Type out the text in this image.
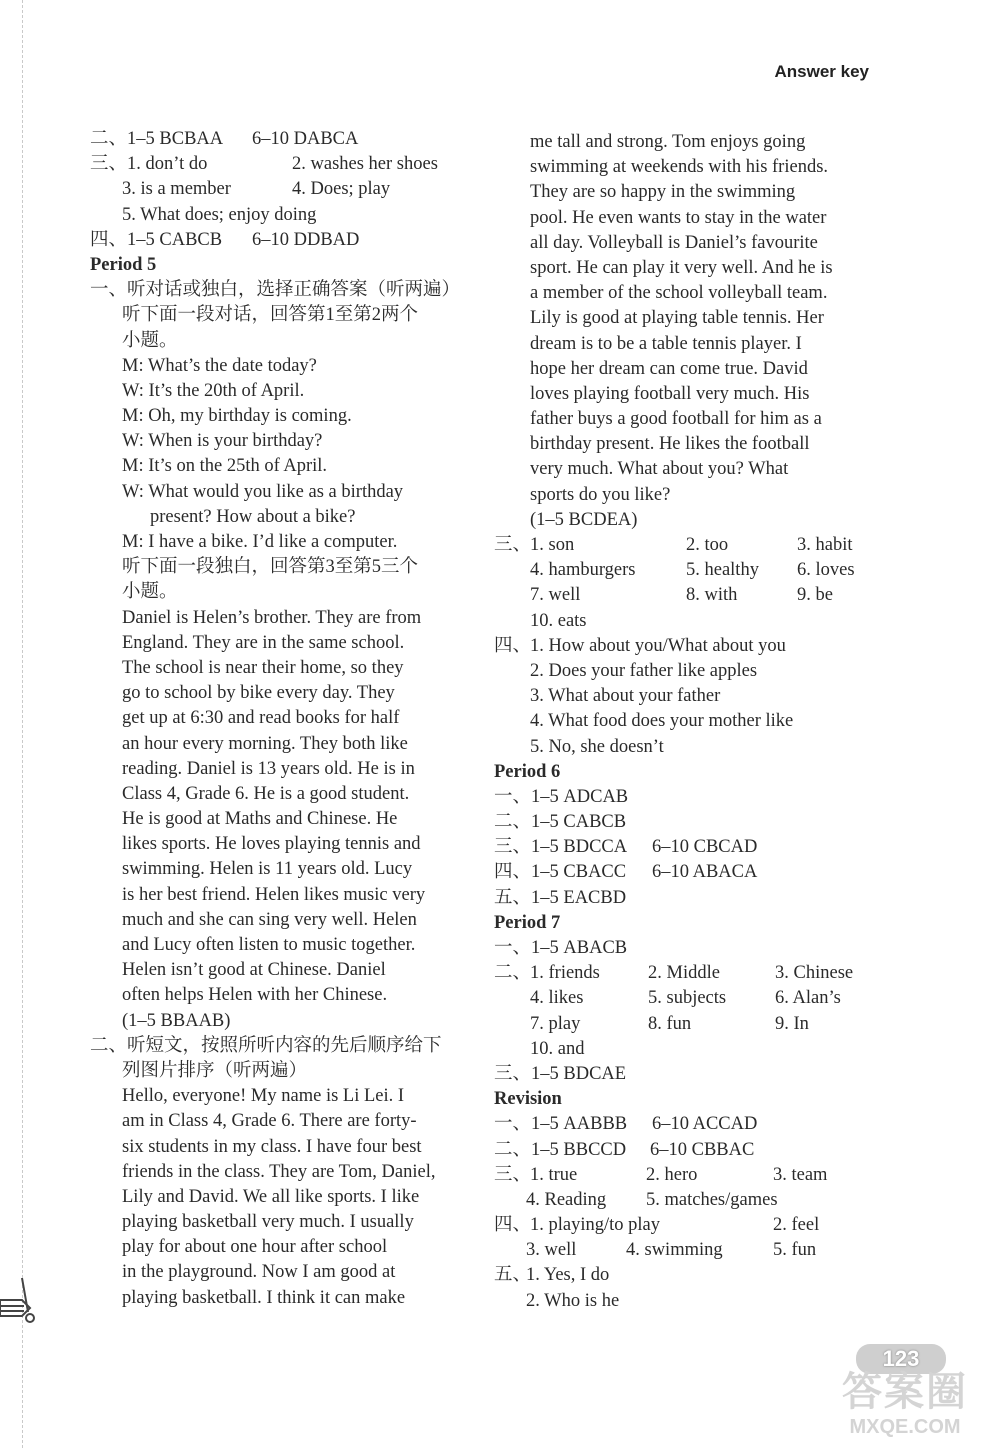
Answer key
二、1–5 BCBAA 6–10 DABCA
三、1. don’t do	2. washes her shoes
3. is a member	4. Does; play
5. What does; enjoy doing
四、1–5 CABCB 6–10 DDBAD
Period 5
一、听对话或独白，选择正确答案（听两遍）
听下面一段对话，回答第1至第2两个
小题。
M: What’s the date today?
W: It’s the 20th of April.
M: Oh, my birthday is coming.
W: When is your birthday?
M: It’s on the 25th of April.
W: What would you like as a birthday
present? How about a bike?
M: I have a bike. I’d like a computer.
听下面一段独白，回答第3至第5三个
小题。
Daniel is Helen’s brother. They are from
England. They are in the same school.
The school is near their home, so they
go to school by bike every day. They
get up at 6:30 and read books for half
an hour every morning. They both like
reading. Daniel is 13 years old. He is in
Class 4, Grade 6. He is a good student.
He is good at Maths and Chinese. He
likes sports. He loves playing tennis and
swimming. Helen is 11 years old. Lucy
is her best friend. Helen likes music very
much and she can sing very well. Helen
and Lucy often listen to music together.
Helen isn’t good at Chinese. Daniel
often helps Helen with her Chinese.
(1–5 BBAAB)
二、听短文，按照所听内容的先后顺序给下
列图片排序（听两遍）
Hello, everyone! My name is Li Lei. I
am in Class 4, Grade 6. There are forty-
six students in my class. I have four best
friends in the class. They are Tom, Daniel,
Lily and David. We all like sports. I like
playing basketball very much. I usually
play for about one hour after school
in the playground. Now I am good at
playing basketball. I think it can make
me tall and strong. Tom enjoys going
swimming at weekends with his friends.
They are so happy in the swimming
pool. He even wants to stay in the water
all day. Volleyball is Daniel’s favourite
sport. He can play it very well. And he is
a member of the school volleyball team.
Lily is good at playing table tennis. Her
dream is to be a table tennis player. I
hope her dream can come true. David
loves playing football very much. His
father buys a good football for him as a
birthday present. He likes the football
very much. What about you? What
sports do you like?
(1–5 BCDEA)
三、
1. son	2. too	3. habit
4. hamburgers	5. healthy 6. loves
7. well	8. with	9. be
10. eats
四、
1. How about you/What about you
2. Does your father like apples
3. What about your father
4. What food does your mother like
5. No, she doesn’t
Period 6
一、1–5 ADCAB
二、1–5 CABCB
三、1–5 BDCCA 6–10 CBCAD
四、1–5 CBACC 6–10 ABACA
五、1–5 EACBD
Period 7
一、1–5 ABACB
二、
1. friends	2. Middle	3. Chinese
4. likes	5. subjects	6. Alan’s
7. play	8. fun	9. In
10. and
三、1–5 BDCAE
Revision
一、1–5 AABBB 6–10 ACCAD
二、1–5 BBCCD 6–10 CBBAC
三、
1. true	2. hero	3. team
4. Reading 5. matches/games
四、
1. playing/to play	2. feel
3. well	4. swimming	5. fun
五、
1. Yes, I do
2. Who is he
123
答案圈
MXQE.COM
